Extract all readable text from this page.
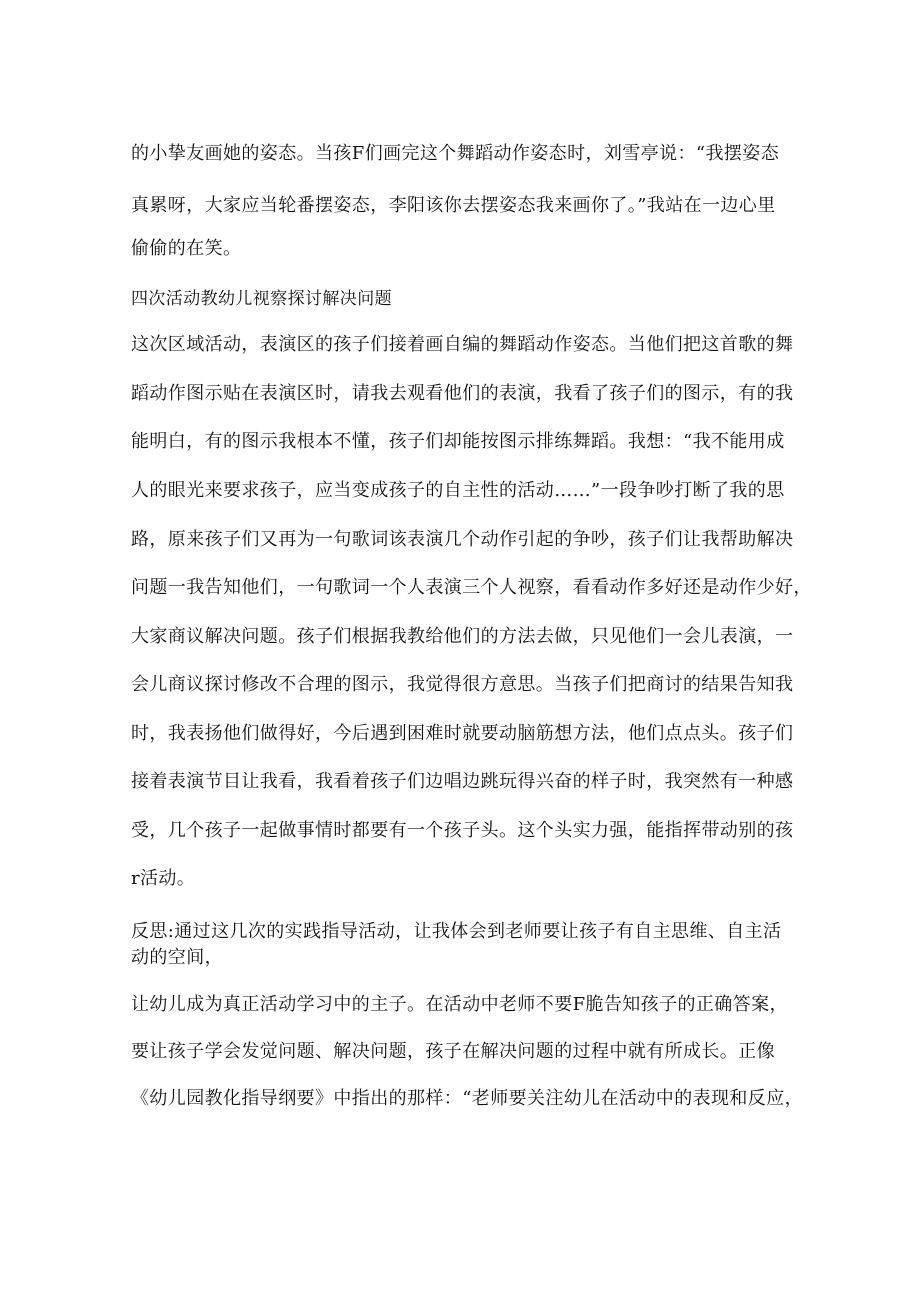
的小挚友画她的姿态。当孩F们画完这个舞蹈动作姿态时，刘雪亭说：“我摆姿态
真累呀，大家应当轮番摆姿态，李阳该你去摆姿态我来画你了。”我站在一边心里
偷偷的在笑。
四次活动教幼儿视察探讨解决问题
这次区域活动，表演区的孩子们接着画自编的舞蹈动作姿态。当他们把这首歌的舞
蹈动作图示贴在表演区时，请我去观看他们的表演，我看了孩子们的图示，有的我
能明白，有的图示我根本不懂，孩子们却能按图示排练舞蹈。我想：“我不能用成
人的眼光来要求孩子，应当变成孩子的自主性的活动……”一段争吵打断了我的思
路，原来孩子们又再为一句歌词该表演几个动作引起的争吵，孩子们让我帮助解决
问题一我告知他们，一句歌词一个人表演三个人视察，看看动作多好还是动作少好，
大家商议解决问题。孩子们根据我教给他们的方法去做，只见他们一会儿表演，一
会儿商议探讨修改不合理的图示，我觉得很方意思。当孩子们把商讨的结果告知我
时，我表扬他们做得好，今后遇到困难时就要动脑筋想方法，他们点点头。孩子们
接着表演节目让我看，我看着孩子们边唱边跳玩得兴奋的样子时，我突然有一种感
受，几个孩子一起做事情时都要有一个孩子头。这个头实力强，能指挥带动别的孩
r活动。
反思:通过这几次的实践指导活动，让我体会到老师要让孩子有自主思维、自主活
动的空间，
让幼儿成为真正活动学习中的主子。在活动中老师不要F脆告知孩子的正确答案，
要让孩子学会发觉问题、解决问题，孩子在解决问题的过程中就有所成长。正像
《幼儿园教化指导纲要》中指出的那样：“老师要关注幼儿在活动中的表现和反应，
